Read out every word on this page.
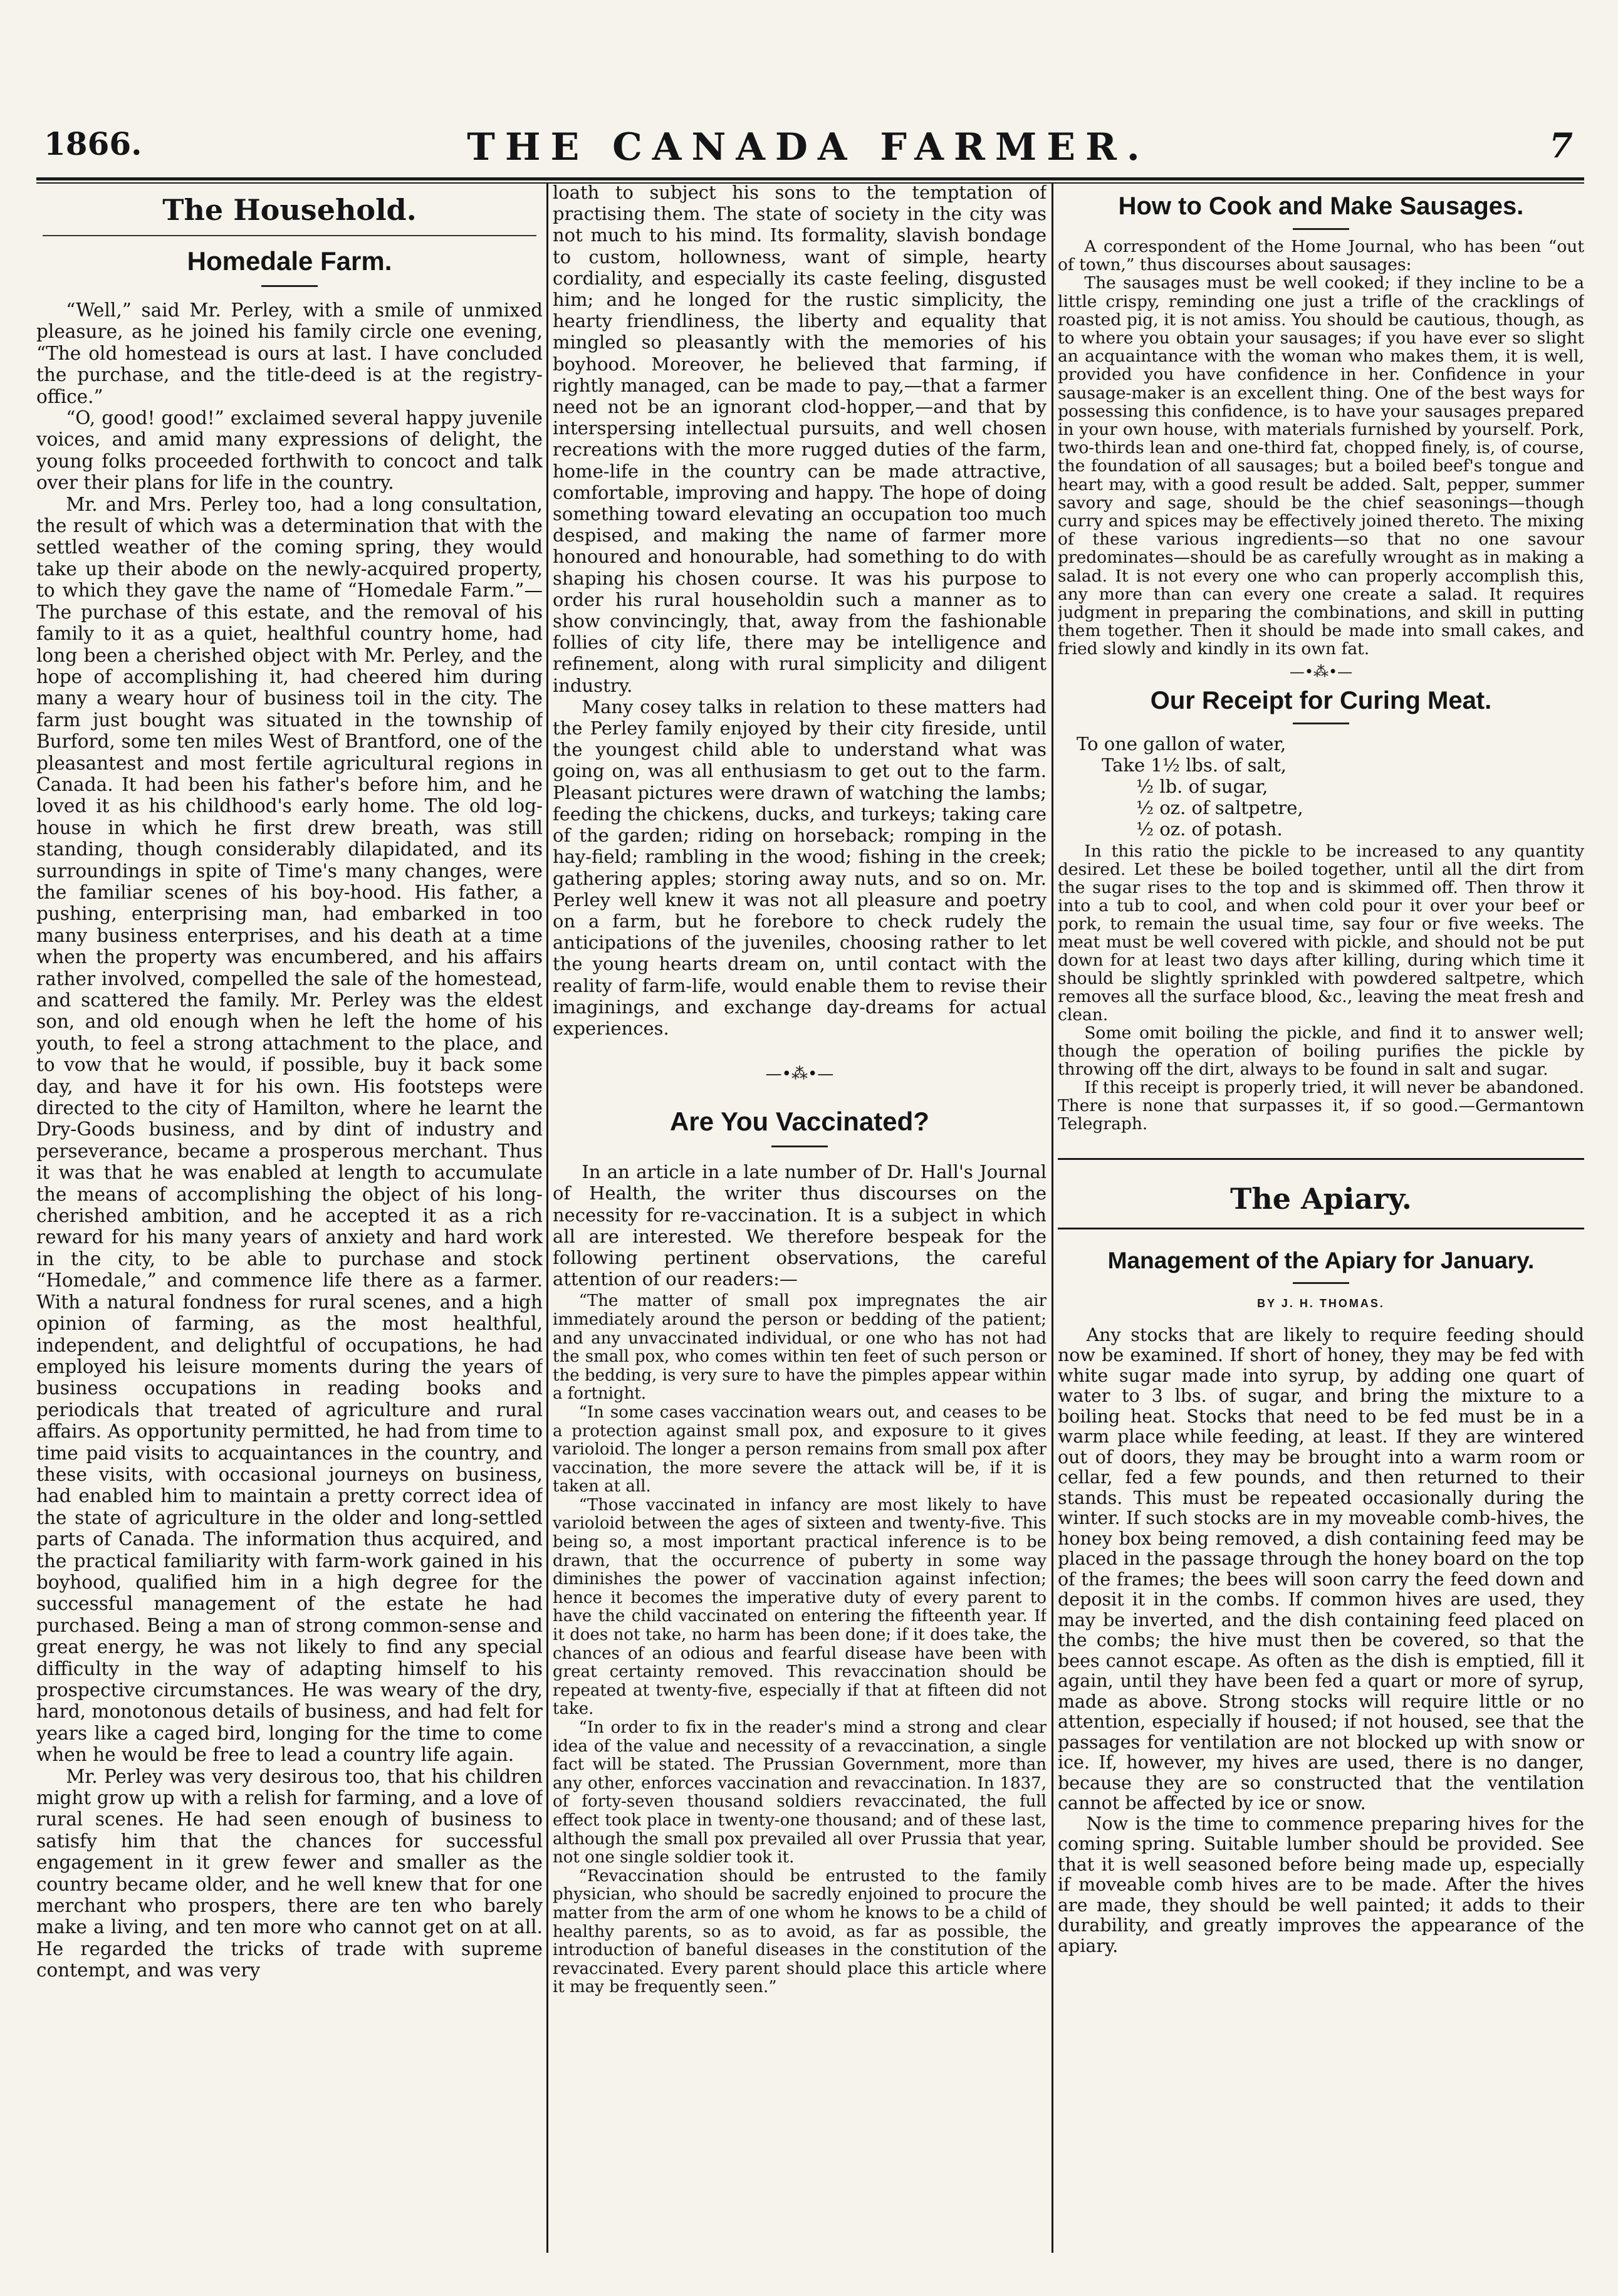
1866.	THE CANADA FARMER.	7
The Household.
Homedale Farm.

“Well,” said Mr. Perley, with a smile of unmixed pleasure, as he joined his family circle one evening, “The old homestead is ours at last. I have concluded the purchase, and the title-deed is at the registry-office.”

“O, good! good!” exclaimed several happy juvenile voices, and amid many expressions of delight, the young folks proceeded forthwith to concoct and talk over their plans for life in the country.

Mr. and Mrs. Perley too, had a long consultation, the result of which was a determination that with the settled weather of the coming spring, they would take up their abode on the newly-acquired property, to which they gave the name of “Homedale Farm.”—The purchase of this estate, and the removal of his family to it as a quiet, healthful country home, had long been a cherished object with Mr. Perley, and the hope of accomplishing it, had cheered him during many a weary hour of business toil in the city. The farm just bought was situated in the township of Burford, some ten miles West of Brantford, one of the pleasantest and most fertile agricultural regions in Canada. It had been his father's before him, and he loved it as his childhood's early home. The old log-house in which he first drew breath, was still standing, though considerably dilapidated, and its surroundings in spite of Time's many changes, were the familiar scenes of his boy-hood. His father, a pushing, enterprising man, had embarked in too many business enterprises, and his death at a time when the property was encumbered, and his affairs rather involved, compelled the sale of the homestead, and scattered the family. Mr. Perley was the eldest son, and old enough when he left the home of his youth, to feel a strong attachment to the place, and to vow that he would, if possible, buy it back some day, and have it for his own. His footsteps were directed to the city of Hamilton, where he learnt the Dry-Goods business, and by dint of industry and perseverance, became a prosperous merchant. Thus it was that he was enabled at length to accumulate the means of accomplishing the object of his long-cherished ambition, and he accepted it as a rich reward for his many years of anxiety and hard work in the city, to be able to purchase and stock “Homedale,” and commence life there as a farmer. With a natural fondness for rural scenes, and a high opinion of farming, as the most healthful, independent, and delightful of occupations, he had employed his leisure moments during the years of business occupations in reading books and periodicals that treated of agriculture and rural affairs. As opportunity permitted, he had from time to time paid visits to acquaintances in the country, and these visits, with occasional journeys on business, had enabled him to maintain a pretty correct idea of the state of agriculture in the older and long-settled parts of Canada. The information thus acquired, and the practical familiarity with farm-work gained in his boyhood, qualified him in a high degree for the successful management of the estate he had purchased. Being a man of strong common-sense and great energy, he was not likely to find any special difficulty in the way of adapting himself to his prospective circumstances. He was weary of the dry, hard, monotonous details of business, and had felt for years like a caged bird, longing for the time to come when he would be free to lead a country life again.

Mr. Perley was very desirous too, that his children might grow up with a relish for farming, and a love of rural scenes. He had seen enough of business to satisfy him that the chances for successful engagement in it grew fewer and smaller as the country became older, and he well knew that for one merchant who prospers, there are ten who barely make a living, and ten more who cannot get on at all. He regarded the tricks of trade with supreme contempt, and was very

loath to subject his sons to the temptation of practising them. The state of society in the city was not much to his mind. Its formality, slavish bondage to custom, hollowness, want of simple, hearty cordiality, and especially its caste feeling, disgusted him; and he longed for the rustic simplicity, the hearty friendliness, the liberty and equality that mingled so pleasantly with the memories of his boyhood. Moreover, he believed that farming, if rightly managed, can be made to pay,—that a farmer need not be an ignorant clod-hopper,—and that by interspersing intellectual pursuits, and well chosen recreations with the more rugged duties of the farm, home-life in the country can be made attractive, comfortable, improving and happy. The hope of doing something toward elevating an occupation too much despised, and making the name of farmer more honoured and honourable, had something to do with shaping his chosen course. It was his purpose to order his rural householdin such a manner as to show convincingly, that, away from the fashionable follies of city life, there may be intelligence and refinement, along with rural simplicity and diligent industry.

Many cosey talks in relation to these matters had the Perley family enjoyed by their city fireside, until the youngest child able to understand what was going on, was all enthusiasm to get out to the farm. Pleasant pictures were drawn of watching the lambs; feeding the chickens, ducks, and turkeys; taking care of the garden; riding on horseback; romping in the hay-field; rambling in the wood; fishing in the creek; gathering apples; storing away nuts, and so on. Mr. Perley well knew it was not all pleasure and poetry on a farm, but he forebore to check rudely the anticipations of the juveniles, choosing rather to let the young hearts dream on, until contact with the reality of farm-life, would enable them to revise their imaginings, and exchange day-dreams for actual experiences.

—•⁂•—
Are You Vaccinated?

In an article in a late number of Dr. Hall's Journal of Health, the writer thus discourses on the necessity for re-vaccination. It is a subject in which all are interested. We therefore bespeak for the following pertinent observations, the careful attention of our readers:—

“The matter of small pox impregnates the air immediately around the person or bedding of the patient; and any unvaccinated individual, or one who has not had the small pox, who comes within ten feet of such person or the bedding, is very sure to have the pimples appear within a fortnight.

“In some cases vaccination wears out, and ceases to be a protection against small pox, and exposure to it gives varioloid. The longer a person remains from small pox after vaccination, the more severe the attack will be, if it is taken at all.

“Those vaccinated in infancy are most likely to have varioloid between the ages of sixteen and twenty-five. This being so, a most important practical inference is to be drawn, that the occurrence of puberty in some way diminishes the power of vaccination against infection; hence it becomes the imperative duty of every parent to have the child vaccinated on entering the fifteenth year. If it does not take, no harm has been done; if it does take, the chances of an odious and fearful disease have been with great certainty removed. This revaccination should be repeated at twenty-five, especially if that at fifteen did not take.

“In order to fix in the reader's mind a strong and clear idea of the value and necessity of a revaccination, a single fact will be stated. The Prussian Government, more than any other, enforces vaccination and revaccination. In 1837, of forty-seven thousand soldiers revaccinated, the full effect took place in twenty-one thousand; and of these last, although the small pox prevailed all over Prussia that year, not one single soldier took it.

“Revaccination should be entrusted to the family physician, who should be sacredly enjoined to procure the matter from the arm of one whom he knows to be a child of healthy parents, so as to avoid, as far as possible, the introduction of baneful diseases in the constitution of the revaccinated. Every parent should place this article where it may be frequently seen.”

How to Cook and Make Sausages.

A correspondent of the Home Journal, who has been “out of town,” thus discourses about sausages:

The sausages must be well cooked; if they incline to be a little crispy, reminding one just a trifle of the cracklings of roasted pig, it is not amiss. You should be cautious, though, as to where you obtain your sausages; if you have ever so slight an acquaintance with the woman who makes them, it is well, provided you have confidence in her. Confidence in your sausage-maker is an excellent thing. One of the best ways for possessing this confidence, is to have your sausages prepared in your own house, with materials furnished by yourself. Pork, two-thirds lean and one-third fat, chopped finely, is, of course, the foundation of all sausages; but a boiled beef's tongue and heart may, with a good result be added. Salt, pepper, summer savory and sage, should be the chief seasonings—though curry and spices may be effectively joined thereto. The mixing of these various ingredients—so that no one savour predominates—should be as carefully wrought as in making a salad. It is not every one who can properly accomplish this, any more than can every one create a salad. It requires judgment in preparing the combinations, and skill in putting them together. Then it should be made into small cakes, and fried slowly and kindly in its own fat.

—•⁂•—
Our Receipt for Curing Meat.
To one gallon of water,
Take 1½ lbs. of salt,
½ lb. of sugar,
½ oz. of saltpetre,
½ oz. of potash.

In this ratio the pickle to be increased to any quantity desired. Let these be boiled together, until all the dirt from the sugar rises to the top and is skimmed off. Then throw it into a tub to cool, and when cold pour it over your beef or pork, to remain the usual time, say four or five weeks. The meat must be well covered with pickle, and should not be put down for at least two days after killing, during which time it should be slightly sprinkled with powdered saltpetre, which removes all the surface blood, &c., leaving the meat fresh and clean.

Some omit boiling the pickle, and find it to answer well; though the operation of boiling purifies the pickle by throwing off the dirt, always to be found in salt and sugar.

If this receipt is properly tried, it will never be abandoned. There is none that surpasses it, if so good.—Germantown Telegraph.

The Apiary.
Management of the Apiary for January.
BY J. H. THOMAS.

Any stocks that are likely to require feeding should now be examined. If short of honey, they may be fed with white sugar made into syrup, by adding one quart of water to 3 lbs. of sugar, and bring the mixture to a boiling heat. Stocks that need to be fed must be in a warm place while feeding, at least. If they are wintered out of doors, they may be brought into a warm room or cellar, fed a few pounds, and then returned to their stands. This must be repeated occasionally during the winter. If such stocks are in my moveable comb-hives, the honey box being removed, a dish containing feed may be placed in the passage through the honey board on the top of the frames; the bees will soon carry the feed down and deposit it in the combs. If common hives are used, they may be inverted, and the dish containing feed placed on the combs; the hive must then be covered, so that the bees cannot escape. As often as the dish is emptied, fill it again, until they have been fed a quart or more of syrup, made as above. Strong stocks will require little or no attention, especially if housed; if not housed, see that the passages for ventilation are not blocked up with snow or ice. If, however, my hives are used, there is no danger, because they are so constructed that the ventilation cannot be affected by ice or snow.

Now is the time to commence preparing hives for the coming spring. Suitable lumber should be provided. See that it is well seasoned before being made up, especially if moveable comb hives are to be made. After the hives are made, they should be well painted; it adds to their durability, and greatly improves the appearance of the apiary.
